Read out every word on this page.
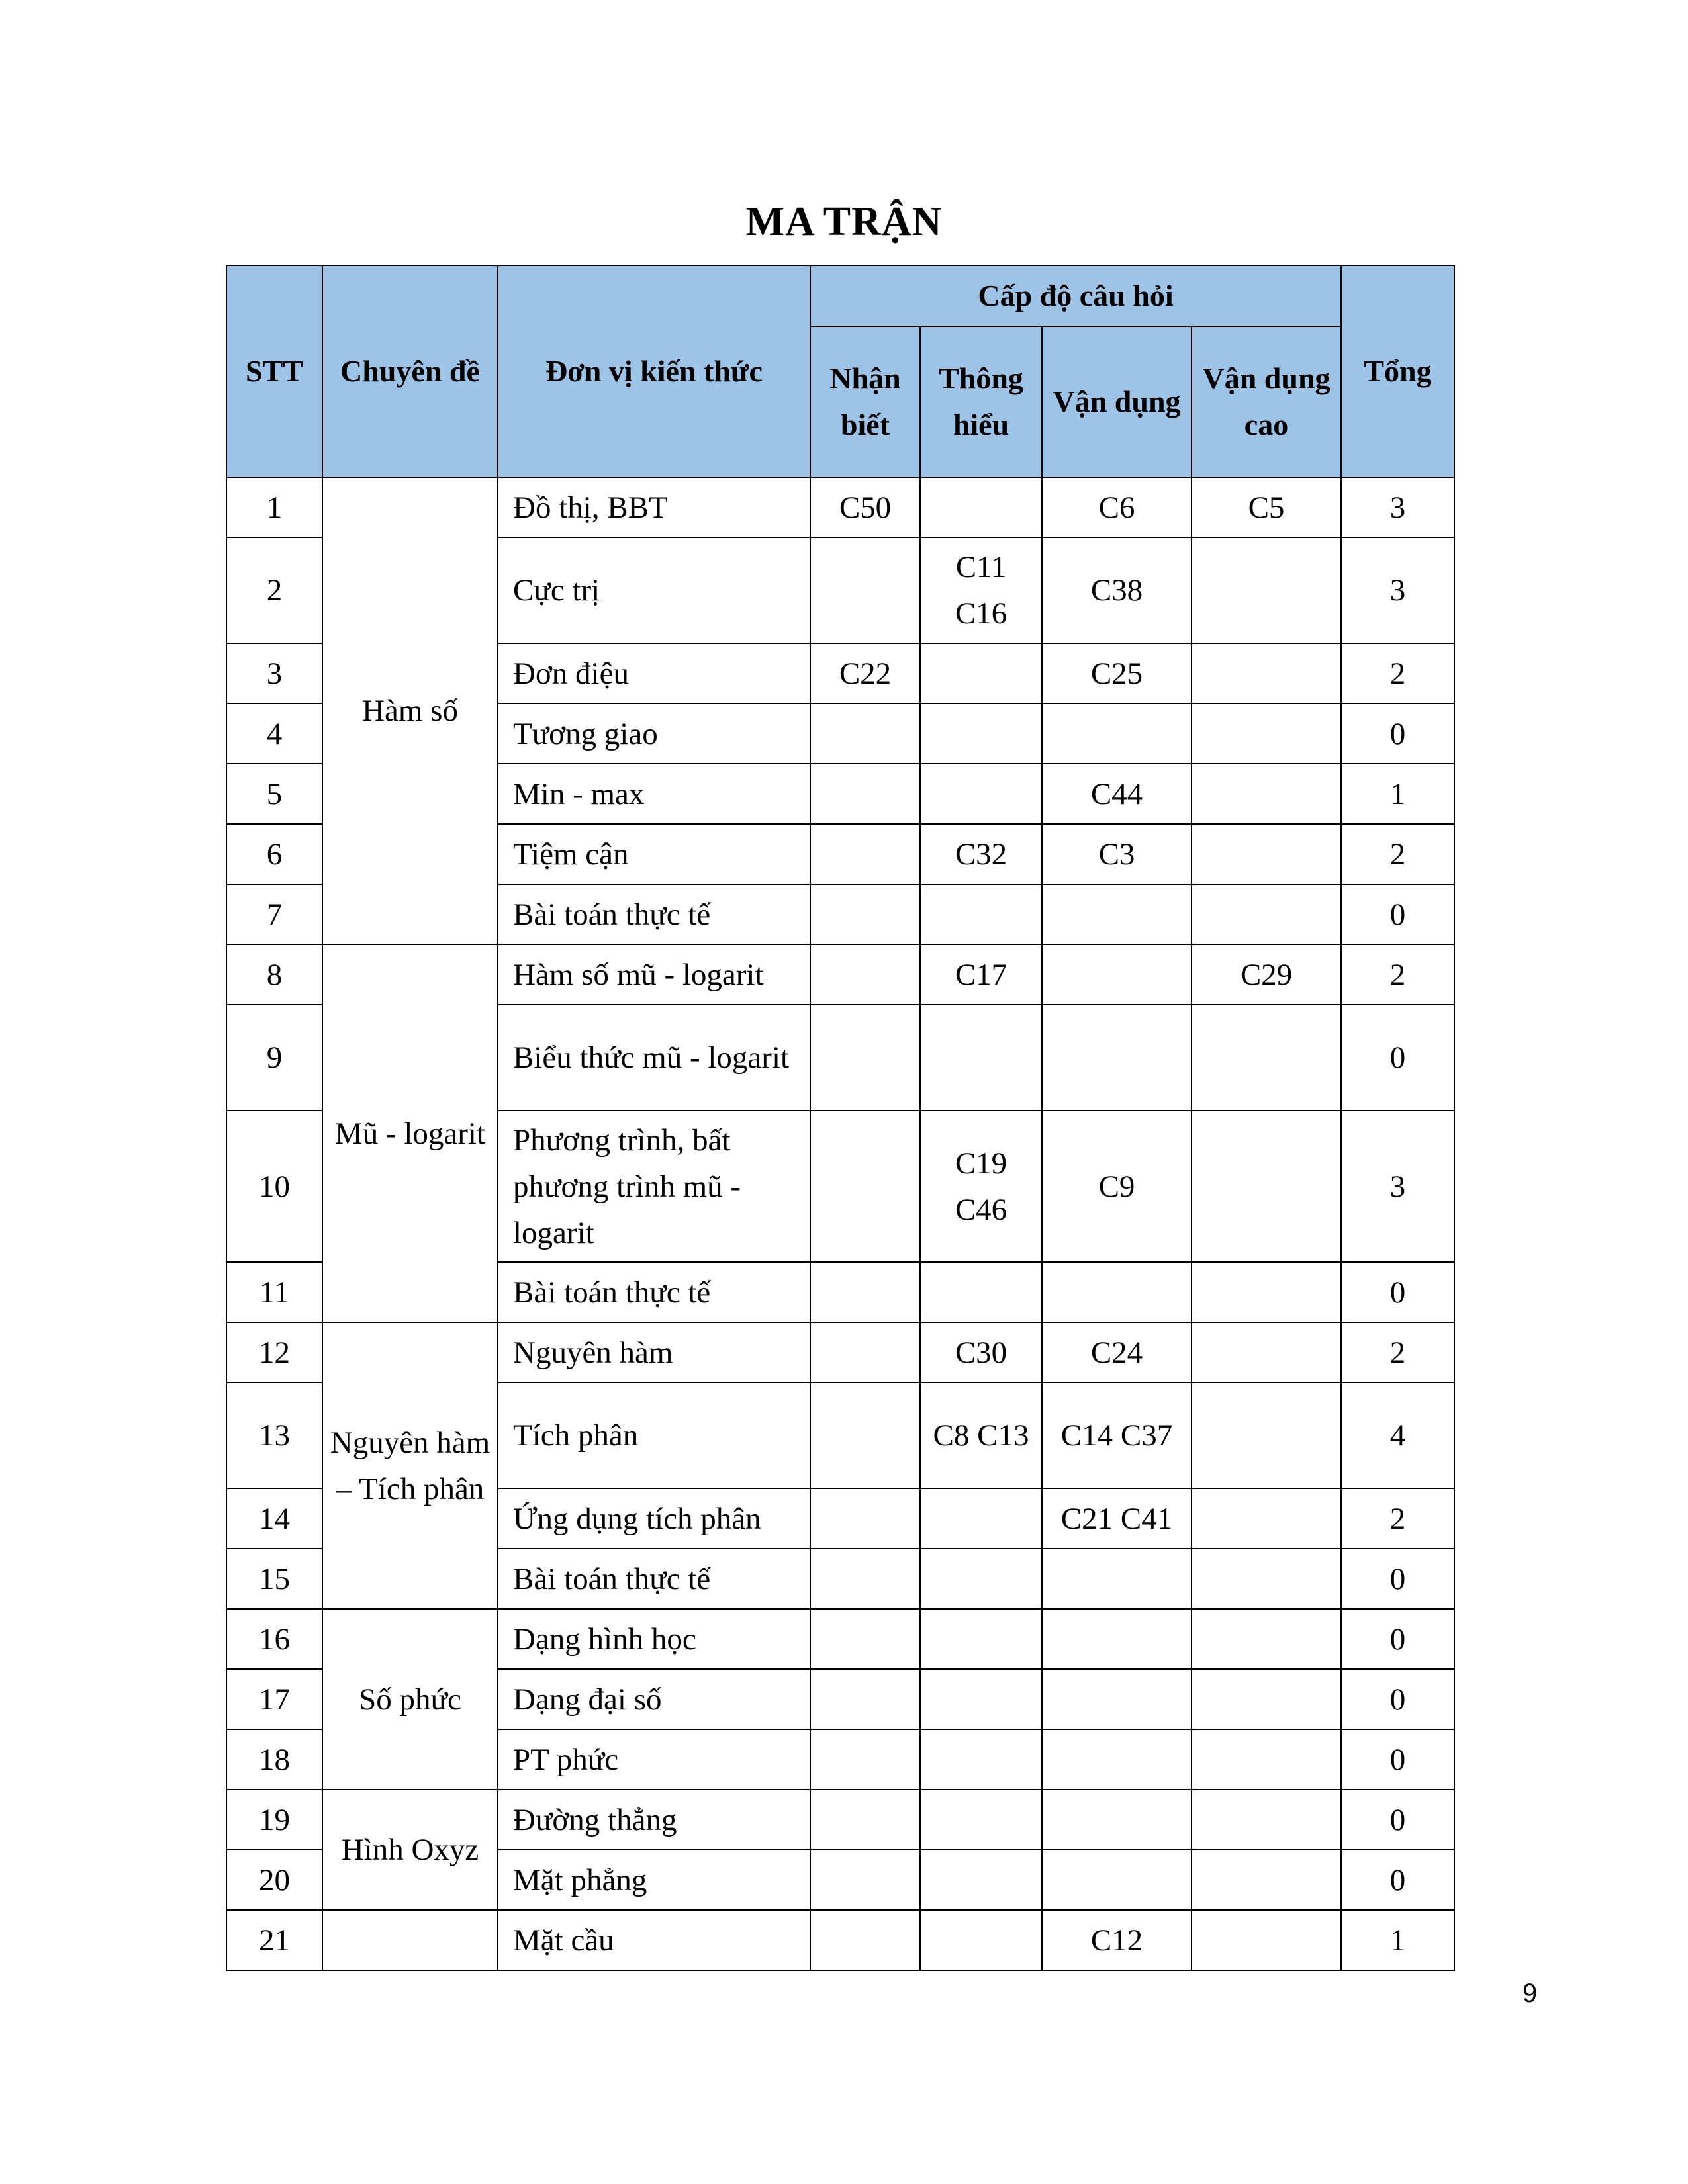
MA TRẬN
STT	Chuyên đề	Đơn vị kiến thức	Cấp độ câu hỏi				Tổng
			Nhận biết	Thông hiểu	Vận dụng	Vận dụng cao	
1	Hàm số	Đồ thị, BBT	C50		C6	C5	3
2		Cực trị		C11 C16	C38		3
3		Đơn điệu	C22		C25		2
4		Tương giao					0
5		Min - max			C44		1
6		Tiệm cận		C32	C3		2
7		Bài toán thực tế					0
8	Mũ - logarit	Hàm số mũ - logarit		C17		C29	2
9		Biểu thức mũ - logarit					0
10		Phương trình, bất phương trình mũ - logarit		C19 C46	C9		3
11		Bài toán thực tế					0
12	Nguyên hàm – Tích phân	Nguyên hàm		C30	C24		2
13		Tích phân		C8 C13	C14 C37		4
14		Ứng dụng tích phân			C21 C41		2
15		Bài toán thực tế					0
16	Số phức	Dạng hình học					0
17		Dạng đại số					0
18		PT phức					0
19	Hình Oxyz	Đường thẳng					0
20		Mặt phẳng					0
21		Mặt cầu			C12		1
9
